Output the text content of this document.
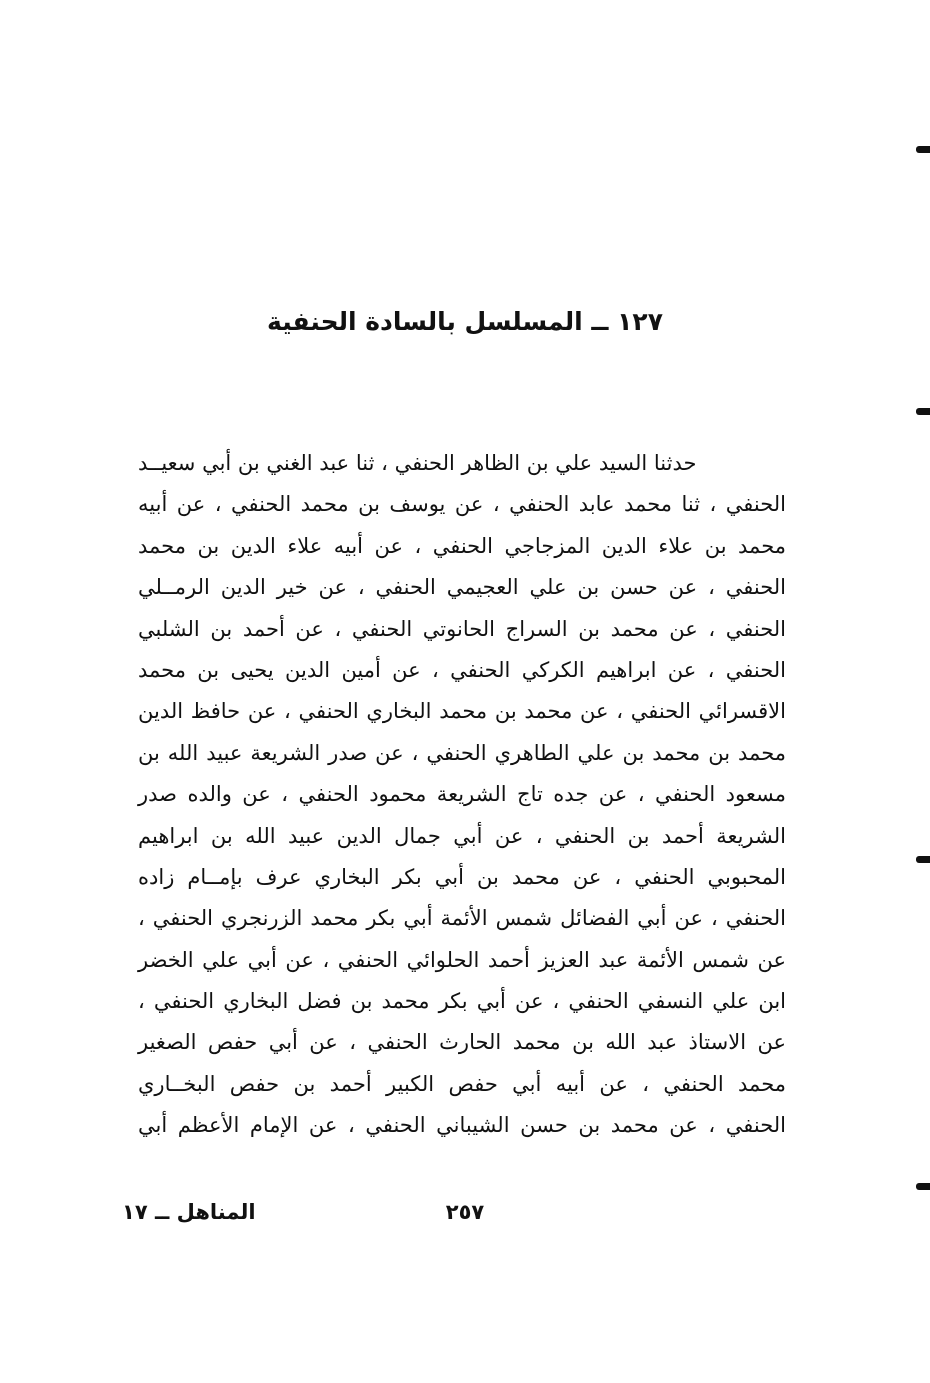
١٢٧ ــ المسلسل بالسادة الحنفية
حدثنا السيد علي بن الظاهر الحنفي ، ثنا عبد الغني بن أبي سعيــد
الحنفي ، ثنا محمد عابد الحنفي ، عن يوسف بن محمد الحنفي ، عن أبيه
محمد بن علاء الدين المزجاجي الحنفي ، عن أبيه علاء الدين بن محمد
الحنفي ، عن حسن بن علي العجيمي الحنفي ، عن خير الدين الرمــلي
الحنفي ، عن محمد بن السراج الحانوتي الحنفي ، عن أحمد بن الشلبي
الحنفي ، عن ابراهيم الكركي الحنفي ، عن أمين الدين يحيى بن محمد
الاقسرائي الحنفي ، عن محمد بن محمد البخاري الحنفي ، عن حافظ الدين
محمد بن محمد بن علي الطاهري الحنفي ، عن صدر الشريعة عبيد الله بن
مسعود الحنفي ، عن جده تاج الشريعة محمود الحنفي ، عن والده صدر
الشريعة أحمد بن الحنفي ، عن أبي جمال الدين عبيد الله بن ابراهيم
المحبوبي الحنفي ، عن محمد بن أبي بكر البخاري عرف بإمــام زاده
الحنفي ، عن أبي الفضائل شمس الأئمة أبي بكر محمد الزرنجري الحنفي ،
عن شمس الأئمة عبد العزيز أحمد الحلوائي الحنفي ، عن أبي علي الخضر
ابن علي النسفي الحنفي ، عن أبي بكر محمد بن فضل البخاري الحنفي ،
عن الاستاذ عبد الله بن محمد الحارث الحنفي ، عن أبي حفص الصغير
محمد الحنفي ، عن أبيه أبي حفص الكبير أحمد بن حفص البخــاري
الحنفي ، عن محمد بن حسن الشيباني الحنفي ، عن الإمام الأعظم أبي
٢٥٧
المناهل ــ ١٧
